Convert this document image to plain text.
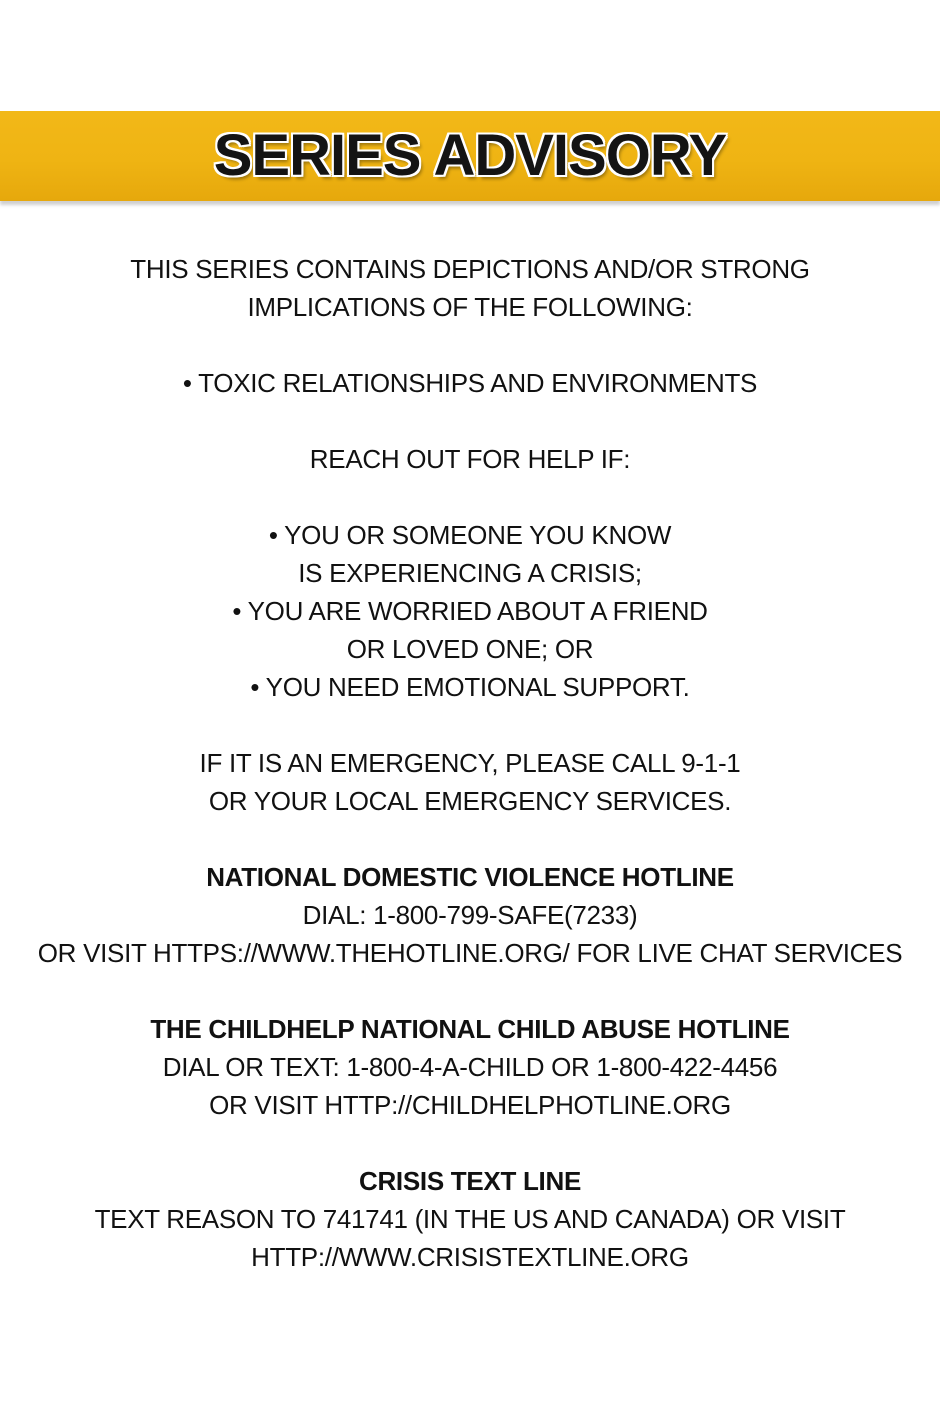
SERIES ADVISORY
THIS SERIES CONTAINS DEPICTIONS AND/OR STRONG
IMPLICATIONS OF THE FOLLOWING:
• TOXIC RELATIONSHIPS AND ENVIRONMENTS
REACH OUT FOR HELP IF:
• YOU OR SOMEONE YOU KNOW
IS EXPERIENCING A CRISIS;
• YOU ARE WORRIED ABOUT A FRIEND
OR LOVED ONE; OR
• YOU NEED EMOTIONAL SUPPORT.
IF IT IS AN EMERGENCY, PLEASE CALL 9-1-1
OR YOUR LOCAL EMERGENCY SERVICES.
NATIONAL DOMESTIC VIOLENCE HOTLINE
DIAL: 1-800-799-SAFE(7233)
OR VISIT HTTPS://WWW.THEHOTLINE.ORG/ FOR LIVE CHAT SERVICES
THE CHILDHELP NATIONAL CHILD ABUSE HOTLINE
DIAL OR TEXT: 1-800-4-A-CHILD OR 1-800-422-4456
OR VISIT HTTP://CHILDHELPHOTLINE.ORG
CRISIS TEXT LINE
TEXT REASON TO 741741 (IN THE US AND CANADA) OR VISIT
HTTP://WWW.CRISISTEXTLINE.ORG
